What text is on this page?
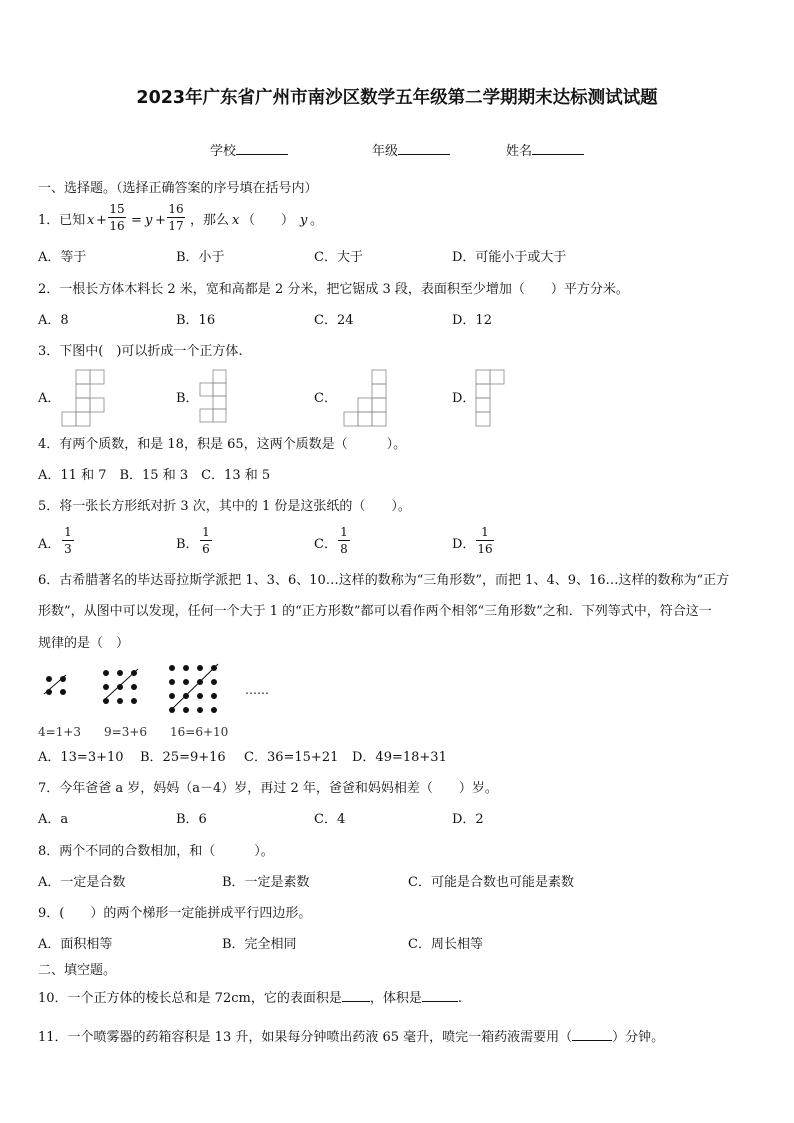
2023年广东省广州市南沙区数学五年级第二学期期末达标测试试题
学校	年级	姓名
一、选择题。（选择正确答案的序号填在括号内）
1．已知 $x + \frac{15}{16} = y + \frac{16}{17}$ ，那么 x （　　） y 。
A．等于	B．小于	C．大于	D．可能小于或大于
2．一根长方体木料长 2 米，宽和高都是 2 分米，把它锯成 3 段，表面积至少增加（　　）平方分米。
A．8	B．16	C．24	D．12
3．下图中(　)可以折成一个正方体.
A．	B．	C．	D．
4．有两个质数，和是 18，积是 65，这两个质数是（　　　）。
A．11 和 7　B．15 和 3　C．13 和 5
5．将一张长方形纸对折 3 次，其中的 1 份是这张纸的（　　）。
A． $\frac{1}{3}$	B． $\frac{1}{6}$	C． $\frac{1}{8}$	D． $\frac{1}{16}$
6．古希腊著名的毕达哥拉斯学派把 1、3、6、10…这样的数称为“三角形数”，而把 1、4、9、16…这样的数称为“正方
形数”，从图中可以发现，任何一个大于 1 的“正方形数”都可以看作两个相邻“三角形数”之和．下列等式中，符合这一
规律的是（　）
……
4=1+3 9=3+6 16=6+10
A．13=3+10 B．25=9+16 C．36=15+21 D．49=18+31
7．今年爸爸 a 岁，妈妈（a－4）岁，再过 2 年，爸爸和妈妈相差（　　）岁。
A．a	B．6	C．4	D．2
8．两个不同的合数相加，和（　　　）。
A．一定是合数	B．一定是素数	C．可能是合数也可能是素数
9．(　　）的两个梯形一定能拼成平行四边形。
A．面积相等	B．完全相同	C．周长相等
二、填空题。
10．一个正方体的棱长总和是 72cm，它的表面积是 ，体积是	.
11．一个喷雾器的药箱容积是 13 升，如果每分钟喷出药液 65 毫升，喷完一箱药液需要用（	）分钟。
